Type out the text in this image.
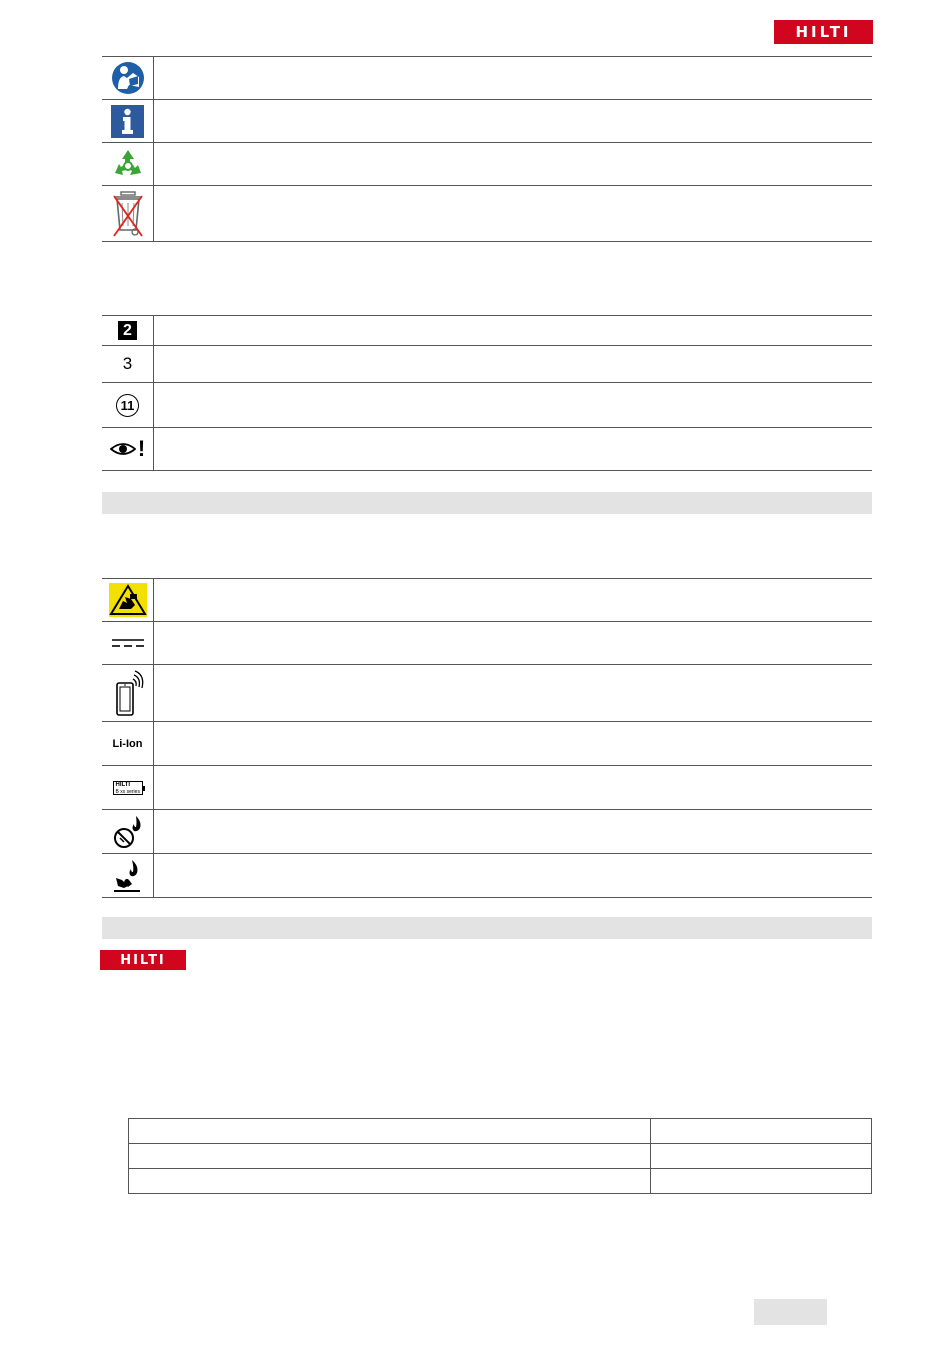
HILTI
2
3
11
!
Li-Ion
HILTI
B xx series
HILTI
